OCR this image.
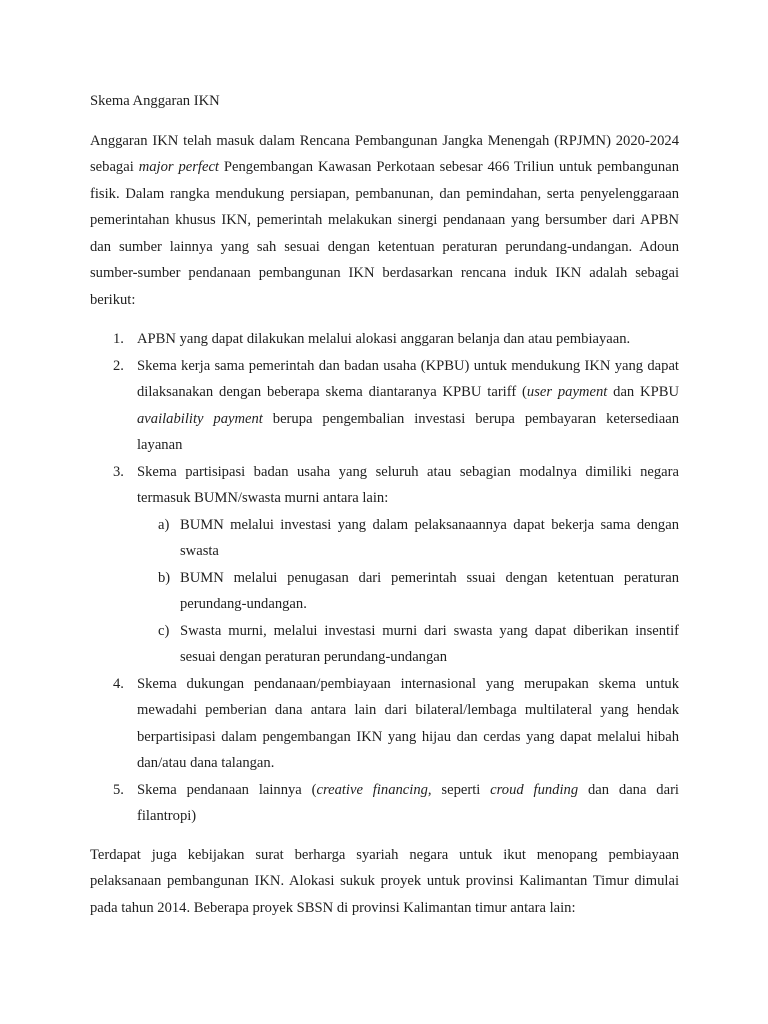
Skema Anggaran IKN

Anggaran IKN telah masuk dalam Rencana Pembangunan Jangka Menengah (RPJMN) 2020-2024 sebagai major perfect Pengembangan Kawasan Perkotaan sebesar 466 Triliun untuk pembangunan fisik. Dalam rangka mendukung persiapan, pembanunan, dan pemindahan, serta penyelenggaraan pemerintahan khusus IKN, pemerintah melakukan sinergi pendanaan yang bersumber dari APBN dan sumber lainnya yang sah sesuai dengan ketentuan peraturan perundang-undangan. Adoun sumber-sumber pendanaan pembangunan IKN berdasarkan rencana induk IKN adalah sebagai berikut:

1. APBN yang dapat dilakukan melalui alokasi anggaran belanja dan atau pembiayaan.
2. Skema kerja sama pemerintah dan badan usaha (KPBU) untuk mendukung IKN yang dapat dilaksanakan dengan beberapa skema diantaranya KPBU tariff (user payment dan KPBU availability payment berupa pengembalian investasi berupa pembayaran ketersediaan layanan
3. Skema partisipasi badan usaha yang seluruh atau sebagian modalnya dimiliki negara termasuk BUMN/swasta murni antara lain:
a) BUMN melalui investasi yang dalam pelaksanaannya dapat bekerja sama dengan swasta
b) BUMN melalui penugasan dari pemerintah ssuai dengan ketentuan peraturan perundang-undangan.
c) Swasta murni, melalui investasi murni dari swasta yang dapat diberikan insentif sesuai dengan peraturan perundang-undangan
4. Skema dukungan pendanaan/pembiayaan internasional yang merupakan skema untuk mewadahi pemberian dana antara lain dari bilateral/lembaga multilateral yang hendak berpartisipasi dalam pengembangan IKN yang hijau dan cerdas yang dapat melalui hibah dan/atau dana talangan.
5. Skema pendanaan lainnya (creative financing, seperti croud funding dan dana dari filantropi)

Terdapat juga kebijakan surat berharga syariah negara untuk ikut menopang pembiayaan pelaksanaan pembangunan IKN. Alokasi sukuk proyek untuk provinsi Kalimantan Timur dimulai pada tahun 2014. Beberapa proyek SBSN di provinsi Kalimantan timur antara lain:
